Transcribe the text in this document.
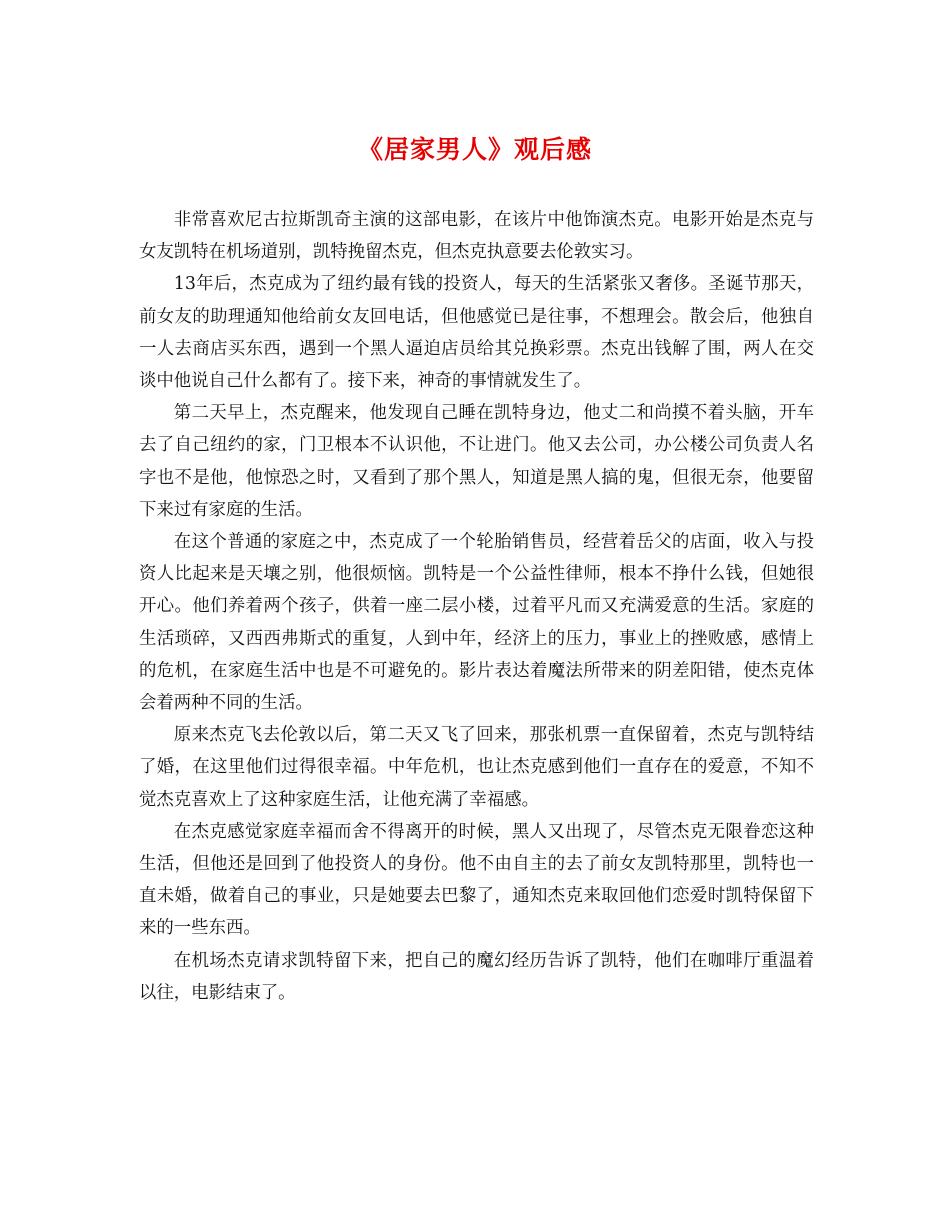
《居家男人》观后感

非常喜欢尼古拉斯凯奇主演的这部电影，在该片中他饰演杰克。电影开始是杰克与女友凯特在机场道别，凯特挽留杰克，但杰克执意要去伦敦实习。

13年后，杰克成为了纽约最有钱的投资人，每天的生活紧张又奢侈。圣诞节那天，前女友的助理通知他给前女友回电话，但他感觉已是往事，不想理会。散会后，他独自一人去商店买东西，遇到一个黑人逼迫店员给其兑换彩票。杰克出钱解了围，两人在交谈中他说自己什么都有了。接下来，神奇的事情就发生了。

第二天早上，杰克醒来，他发现自己睡在凯特身边，他丈二和尚摸不着头脑，开车去了自己纽约的家，门卫根本不认识他，不让进门。他又去公司，办公楼公司负责人名字也不是他，他惊恐之时，又看到了那个黑人，知道是黑人搞的鬼，但很无奈，他要留下来过有家庭的生活。

在这个普通的家庭之中，杰克成了一个轮胎销售员，经营着岳父的店面，收入与投资人比起来是天壤之别，他很烦恼。凯特是一个公益性律师，根本不挣什么钱，但她很开心。他们养着两个孩子，供着一座二层小楼，过着平凡而又充满爱意的生活。家庭的生活琐碎，又西西弗斯式的重复，人到中年，经济上的压力，事业上的挫败感，感情上的危机，在家庭生活中也是不可避免的。影片表达着魔法所带来的阴差阳错，使杰克体会着两种不同的生活。

原来杰克飞去伦敦以后，第二天又飞了回来，那张机票一直保留着，杰克与凯特结了婚，在这里他们过得很幸福。中年危机，也让杰克感到他们一直存在的爱意，不知不觉杰克喜欢上了这种家庭生活，让他充满了幸福感。

在杰克感觉家庭幸福而舍不得离开的时候，黑人又出现了，尽管杰克无限眷恋这种生活，但他还是回到了他投资人的身份。他不由自主的去了前女友凯特那里，凯特也一直未婚，做着自己的事业，只是她要去巴黎了，通知杰克来取回他们恋爱时凯特保留下来的一些东西。

在机场杰克请求凯特留下来，把自己的魔幻经历告诉了凯特，他们在咖啡厅重温着以往，电影结束了。
